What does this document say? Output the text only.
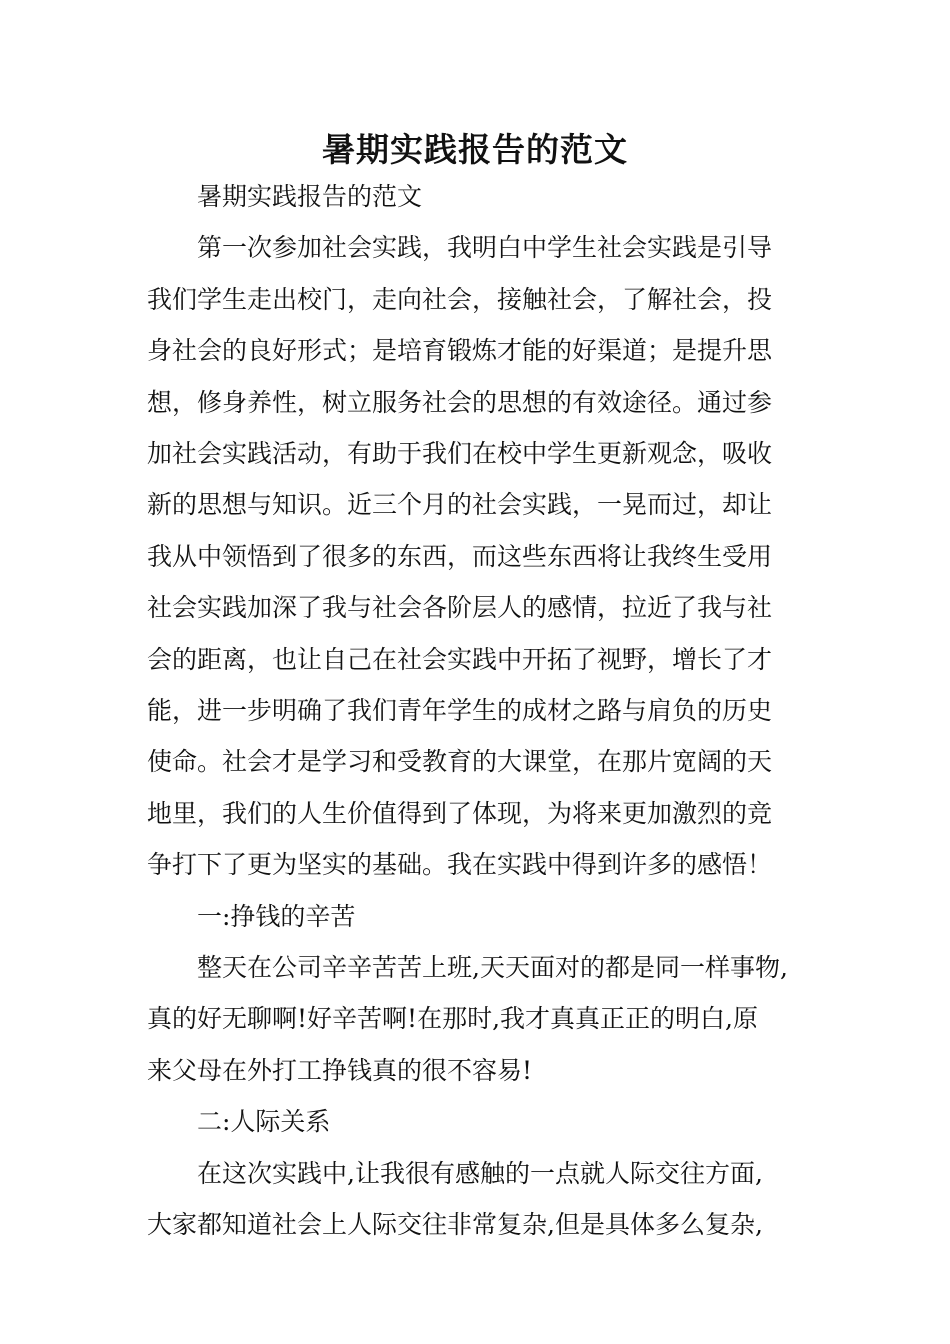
暑期实践报告的范文
暑期实践报告的范文
第一次参加社会实践，我明白中学生社会实践是引导
我们学生走出校门，走向社会，接触社会，了解社会，投
身社会的良好形式；是培育锻炼才能的好渠道；是提升思
想，修身养性，树立服务社会的思想的有效途径。通过参
加社会实践活动，有助于我们在校中学生更新观念，吸收
新的思想与知识。近三个月的社会实践，一晃而过，却让
我从中领悟到了很多的东西，而这些东西将让我终生受用
社会实践加深了我与社会各阶层人的感情，拉近了我与社
会的距离，也让自己在社会实践中开拓了视野，增长了才
能，进一步明确了我们青年学生的成材之路与肩负的历史
使命。社会才是学习和受教育的大课堂，在那片宽阔的天
地里，我们的人生价值得到了体现，为将来更加激烈的竞
争打下了更为坚实的基础。我在实践中得到许多的感悟！
一:挣钱的辛苦
整天在公司辛辛苦苦上班,天天面对的都是同一样事物,
真的好无聊啊!好辛苦啊!在那时,我才真真正正的明白,原
来父母在外打工挣钱真的很不容易!
二:人际关系
在这次实践中,让我很有感触的一点就人际交往方面,
大家都知道社会上人际交往非常复杂,但是具体多么复杂,
